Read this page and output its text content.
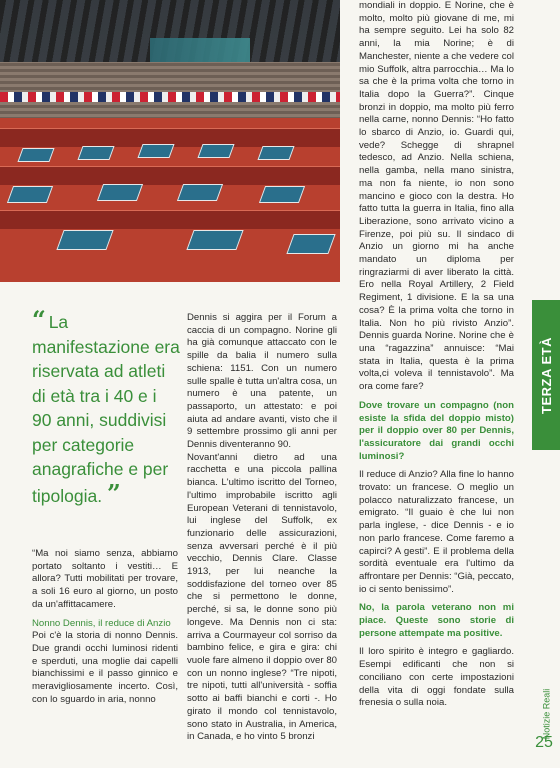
TERZA ETÀ
Notizie Reali
25
“ La manifestazione era riservata ad atleti di età tra i 40 e i 90 anni, suddivisi per categorie anagrafiche e per tipologia. ”

“Ma noi siamo senza, abbiamo portato soltanto i vestiti… E allora? Tutti mobilitati per trovare, a soli 16 euro al giorno, un posto da un'affittacamere.

Nonno Dennis, il reduce di Anzio

Poi c'è la storia di nonno Dennis. Due grandi occhi luminosi ridenti e sperduti, una moglie dai capelli bianchissimi e il passo ginnico e meravigliosamente incerto. Così, con lo sguardo in aria, nonno

Dennis si aggira per il Forum a caccia di un compagno. Norine gli ha già comunque attaccato con le spille da balia il numero sulla schiena: 1151. Con un numero sulle spalle è tutta un'altra cosa, un numero è una patente, un passaporto, un attestato: e poi aiuta ad andare avanti, visto che il 9 settembre prossimo gli anni per Dennis diventeranno 90.

Novant'anni dietro ad una racchetta e una piccola pallina bianca. L'ultimo iscritto del Torneo, l'ultimo improbabile iscritto agli European Veterani di tennistavolo, lui inglese del Suffolk, ex funzionario delle assicurazioni, senza avversari perché è il più vecchio, Dennis Clare. Classe 1913, per lui neanche la soddisfazione del torneo over 85 che si permettono le donne, perché, si sa, le donne sono più longeve. Ma Dennis non ci sta: arriva a Courmayeur col sorriso da bambino felice, e gira e gira: chi vuole fare almeno il doppio over 80 con un nonno inglese? “Tre nipoti, tre nipoti, tutti all'università - soffia sotto ai baffi bianchi e corti -. Ho girato il mondo col tennistavolo, sono stato in Australia, in America, in Canada, e ho vinto 5 bronzi

mondiali in doppio. E Norine, che è molto, molto più giovane di me, mi ha sempre seguito. Lei ha solo 82 anni, la mia Norine; è di Manchester, niente a che vedere col mio Suffolk, altra parrocchia… Ma lo sa che è la prima volta che torno in Italia dopo la Guerra?”. Cinque bronzi in doppio, ma molto più ferro nella carne, nonno Dennis: “Ho fatto lo sbarco di Anzio, io. Guardi qui, vede? Schegge di shrapnel tedesco, ad Anzio. Nella schiena, nella gamba, nella mano sinistra, ma non fa niente, io non sono mancino e gioco con la destra. Ho fatto tutta la guerra in Italia, fino alla Liberazione, sono arrivato vicino a Firenze, poi più su. Il sindaco di Anzio un giorno mi ha anche mandato un diploma per ringraziarmi di aver liberato la città. Ero nella Royal Artillery, 2 Field Regiment, 1 divisione. E la sa una cosa? È la prima volta che torno in Italia. Non ho più rivisto Anzio”. Dennis guarda Norine. Norine che è una “ragazzina” annuisce: “Mai stata in Italia, questa è la prima volta,ci voleva il tennistavolo”. Ma ora come fare?

Dove trovare un compagno (non esiste la sfida del doppio misto) per il doppio over 80 per Dennis, l'assicuratore dai grandi occhi luminosi?

Il reduce di Anzio? Alla fine lo hanno trovato: un francese. O meglio un polacco naturalizzato francese, un emigrato. “Il guaio è che lui non parla inglese, - dice Dennis - e io non parlo francese. Come faremo a capirci? A gesti”. E il problema della sordità eventuale era l'ultimo da affrontare per Dennis: “Già, peccato, io ci sento benissimo”.

No, la parola veterano non mi piace. Queste sono storie di persone attempate ma positive.

Il loro spirito è integro e gagliardo. Esempi edificanti che non si conciliano con certe impostazioni della vita di oggi fondate sulla frenesia o sulla noia.
